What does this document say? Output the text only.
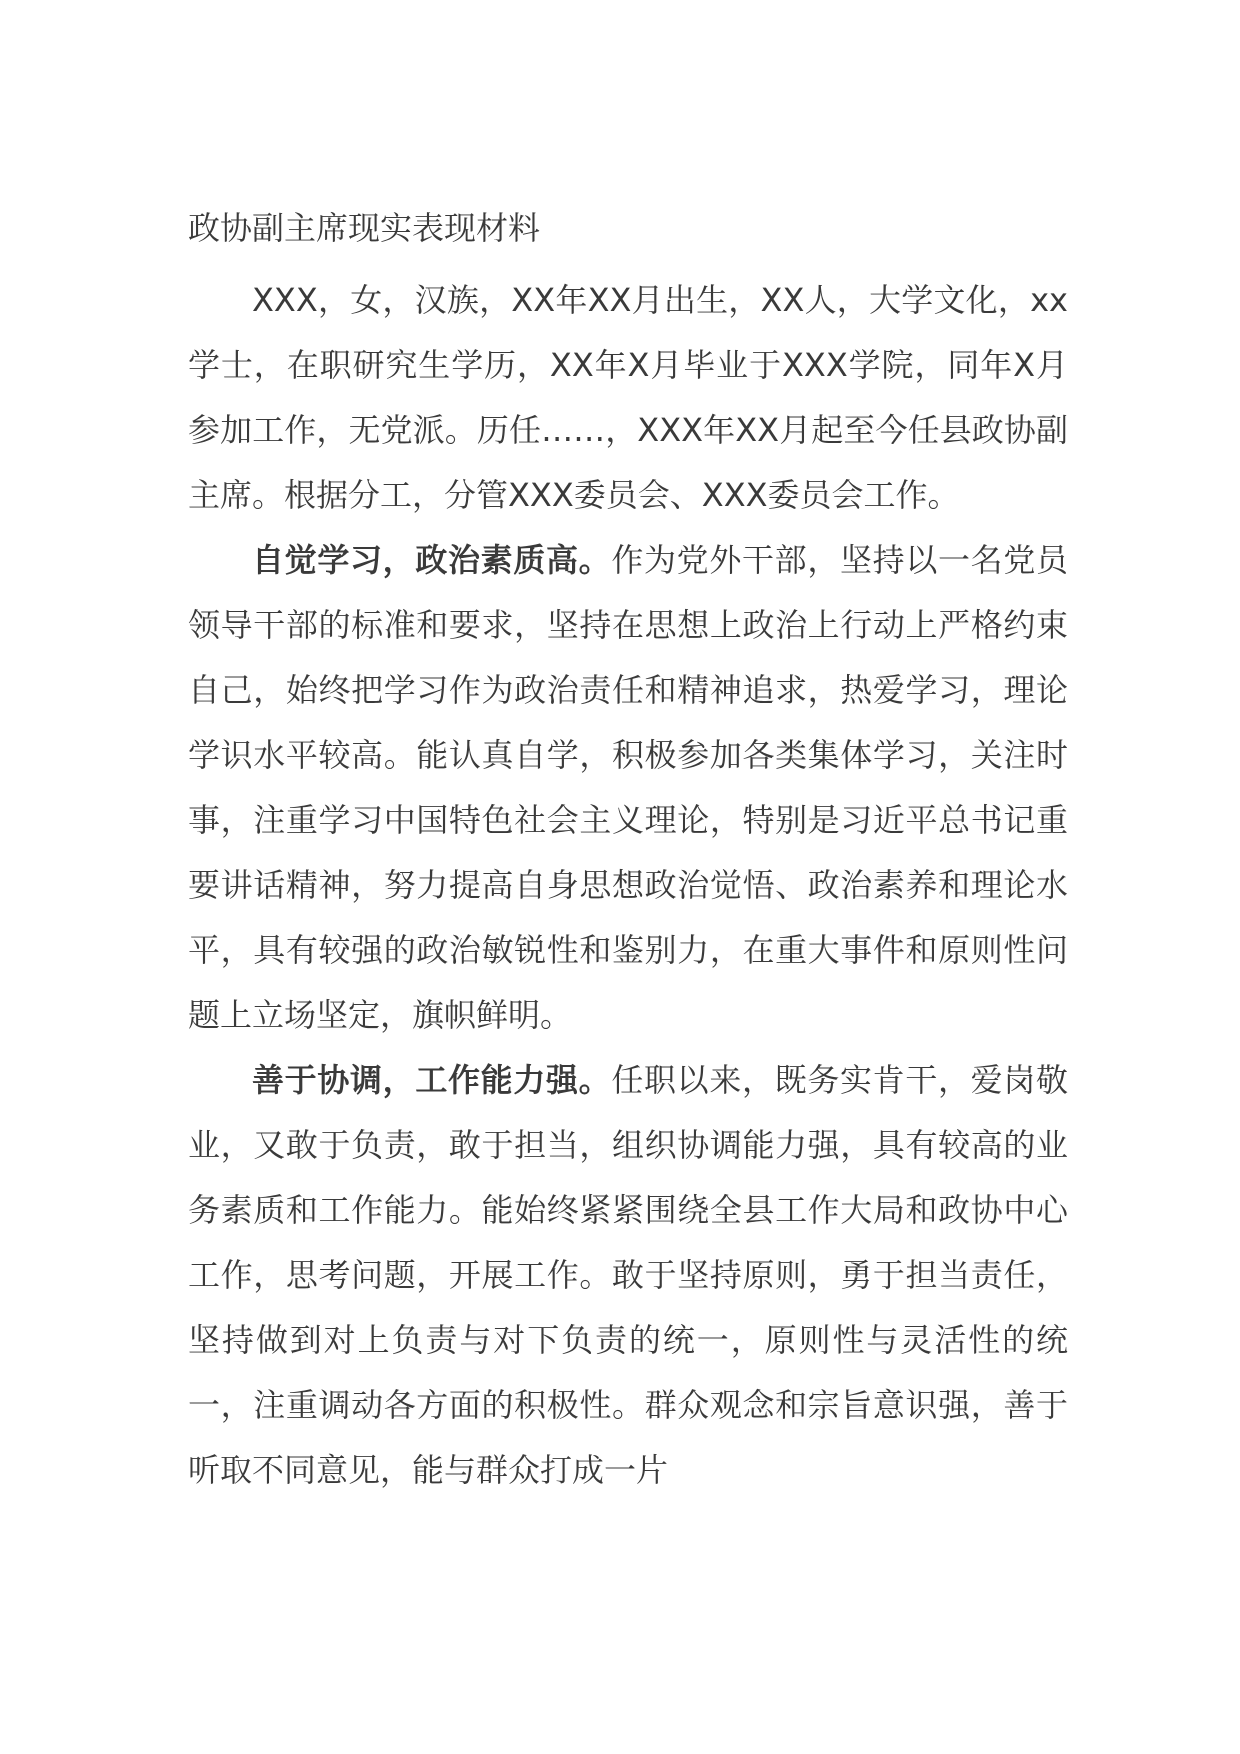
政协副主席现实表现材料

XXX，女，汉族，XX年XX月出生，XX人，大学文化，xx学士，在职研究生学历，XX年X月毕业于XXX学院，同年X月参加工作，无党派。历任……，XXX年XX月起至今任县政协副主席。根据分工，分管XXX委员会、XXX委员会工作。

自觉学习，政治素质高。作为党外干部，坚持以一名党员领导干部的标准和要求，坚持在思想上政治上行动上严格约束自己，始终把学习作为政治责任和精神追求，热爱学习，理论学识水平较高。能认真自学，积极参加各类集体学习，关注时事，注重学习中国特色社会主义理论，特别是习近平总书记重要讲话精神，努力提高自身思想政治觉悟、政治素养和理论水平，具有较强的政治敏锐性和鉴别力，在重大事件和原则性问题上立场坚定，旗帜鲜明。

善于协调，工作能力强。任职以来，既务实肯干，爱岗敬业，又敢于负责，敢于担当，组织协调能力强，具有较高的业务素质和工作能力。能始终紧紧围绕全县工作大局和政协中心工作，思考问题，开展工作。敢于坚持原则，勇于担当责任，坚持做到对上负责与对下负责的统一，原则性与灵活性的统一，注重调动各方面的积极性。群众观念和宗旨意识强，善于听取不同意见，能与群众打成一片
